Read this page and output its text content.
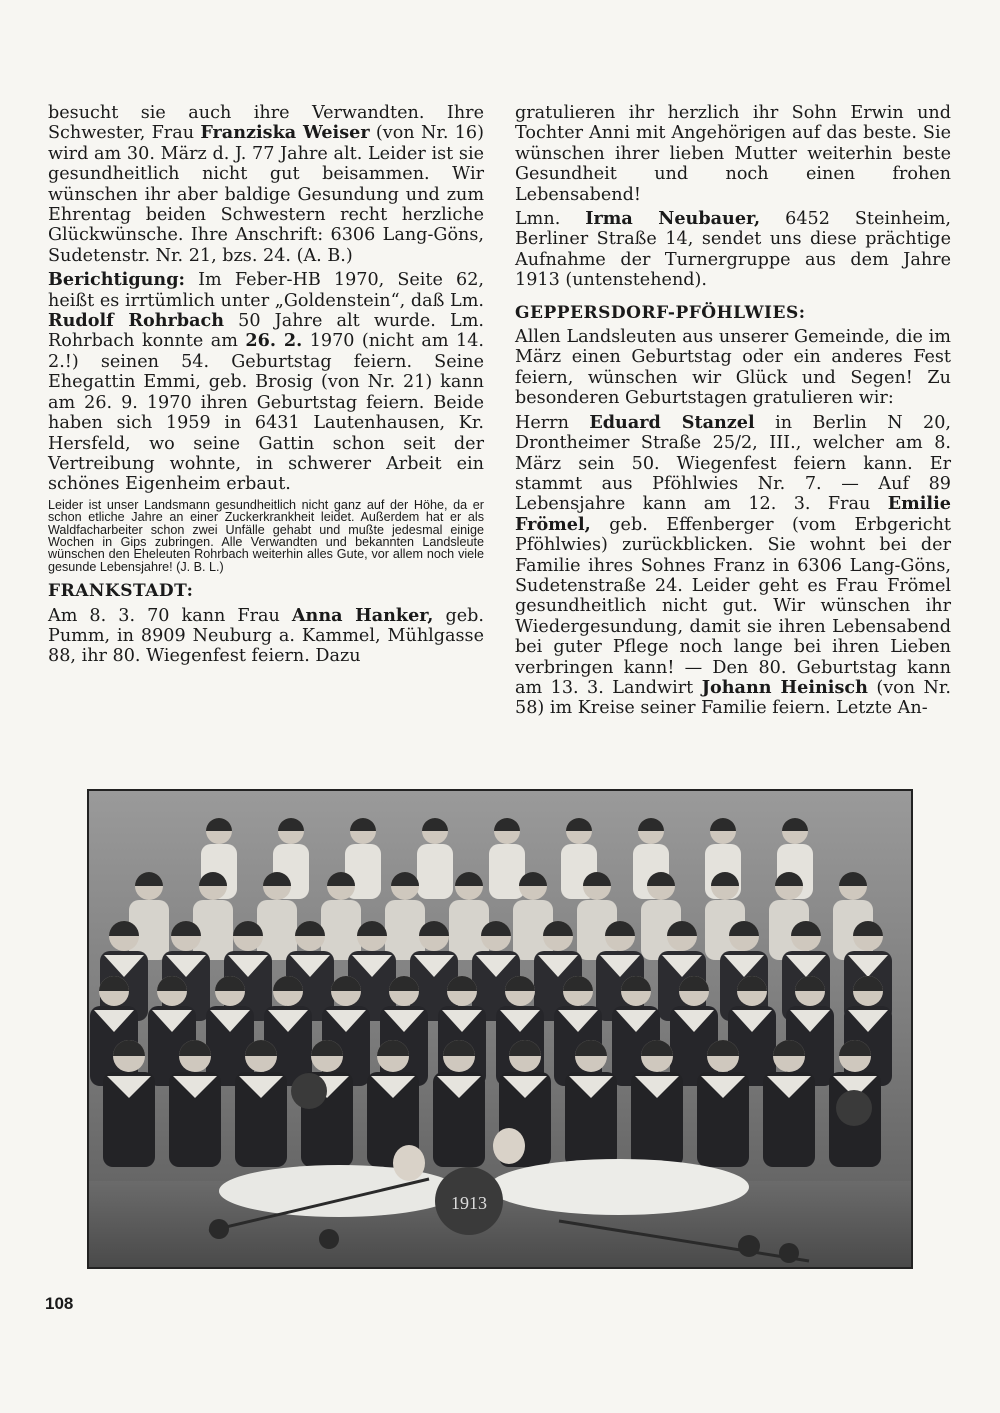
besucht sie auch ihre Verwandten. Ihre Schwester, Frau Franziska Weiser (von Nr. 16) wird am 30. März d. J. 77 Jahre alt. Leider ist sie gesundheitlich nicht gut beisammen. Wir wünschen ihr aber baldige Gesundung und zum Ehrentag beiden Schwestern recht herzliche Glückwünsche. Ihre Anschrift: 6306 Lang-Göns, Sudetenstr. Nr. 21, bzs. 24. (A. B.)

Berichtigung: Im Feber-HB 1970, Seite 62, heißt es irrtümlich unter „Goldenstein“, daß Lm. Rudolf Rohrbach 50 Jahre alt wurde. Lm. Rohrbach konnte am 26. 2. 1970 (nicht am 14. 2.!) seinen 54. Geburtstag feiern. Seine Ehegattin Emmi, geb. Brosig (von Nr. 21) kann am 26. 9. 1970 ihren Geburtstag feiern. Beide haben sich 1959 in 6431 Lautenhausen, Kr. Hersfeld, wo seine Gattin schon seit der Vertreibung wohnte, in schwerer Arbeit ein schönes Eigenheim erbaut.

Leider ist unser Landsmann gesundheitlich nicht ganz auf der Höhe, da er schon etliche Jahre an einer Zuckerkrankheit leidet. Außerdem hat er als Waldfacharbeiter schon zwei Unfälle gehabt und mußte jedesmal einige Wochen in Gips zubringen. Alle Verwandten und bekannten Landsleute wünschen den Eheleuten Rohrbach weiterhin alles Gute, vor allem noch viele gesunde Lebensjahre! (J. B. L.)

FRANKSTADT:

Am 8. 3. 70 kann Frau Anna Hanker, geb. Pumm, in 8909 Neuburg a. Kammel, Mühlgasse 88, ihr 80. Wiegenfest feiern. Dazu

gratulieren ihr herzlich ihr Sohn Erwin und Tochter Anni mit Angehörigen auf das beste. Sie wünschen ihrer lieben Mutter weiterhin beste Gesundheit und noch einen frohen Lebensabend!

Lmn. Irma Neubauer, 6452 Steinheim, Berliner Straße 14, sendet uns diese prächtige Aufnahme der Turnergruppe aus dem Jahre 1913 (untenstehend).

GEPPERSDORF-PFÖHLWIES:

Allen Landsleuten aus unserer Gemeinde, die im März einen Geburtstag oder ein anderes Fest feiern, wünschen wir Glück und Segen! Zu besonderen Geburtstagen gratulieren wir:

Herrn Eduard Stanzel in Berlin N 20, Drontheimer Straße 25/2, III., welcher am 8. März sein 50. Wiegenfest feiern kann. Er stammt aus Pföhlwies Nr. 7. — Auf 89 Lebensjahre kann am 12. 3. Frau Emilie Frömel, geb. Effenberger (vom Erbgericht Pföhlwies) zurückblicken. Sie wohnt bei der Familie ihres Sohnes Franz in 6306 Lang-Göns, Sudetenstraße 24. Leider geht es Frau Frömel gesundheitlich nicht gut. Wir wünschen ihr Wiedergesundung, damit sie ihren Lebensabend bei guter Pflege noch lange bei ihren Lieben verbringen kann! — Den 80. Geburtstag kann am 13. 3. Landwirt Johann Heinisch (von Nr. 58) im Kreise seiner Familie feiern. Letzte An-

1913
108
